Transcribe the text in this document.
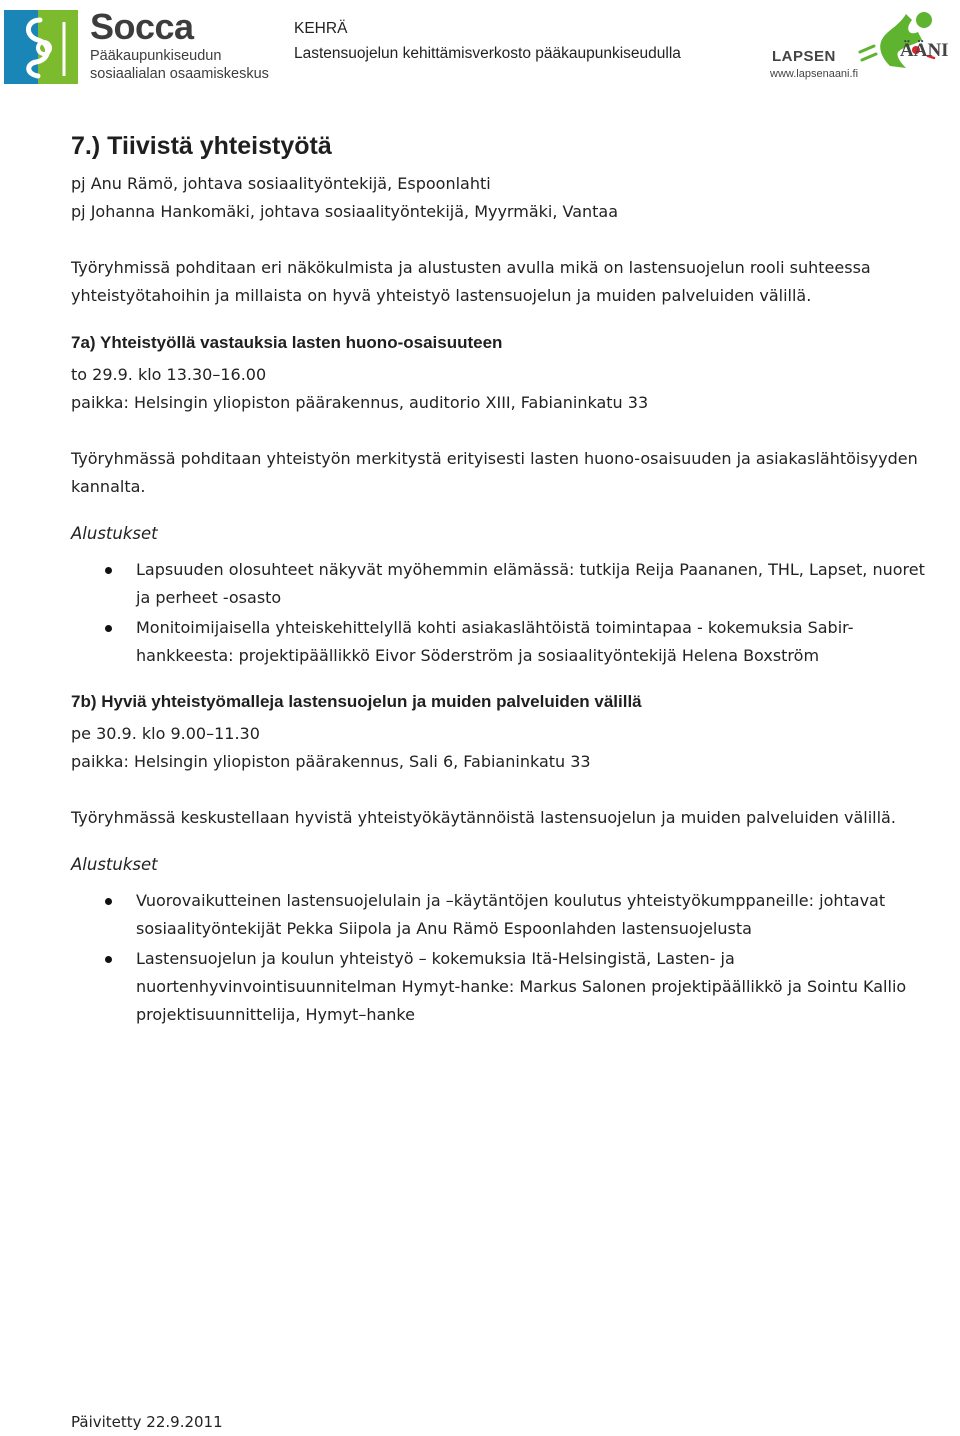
Socca
Pääkaupunkiseudun
sosiaalialan osaamiskeskus
KEHRÄ
Lastensuojelun kehittämisverkosto pääkaupunkiseudulla	LAPSEN	ÄÄNI
www.lapsenaani.fi
7.) Tiivistä yhteistyötä
pj Anu Rämö, johtava sosiaalityöntekijä, Espoonlahti
pj Johanna Hankomäki, johtava sosiaalityöntekijä, Myyrmäki, Vantaa
Työryhmissä pohditaan eri näkökulmista ja alustusten avulla mikä on lastensuojelun rooli suhteessa
yhteistyötahoihin ja millaista on hyvä yhteistyö lastensuojelun ja muiden palveluiden välillä.
7a) Yhteistyöllä vastauksia lasten huono-osaisuuteen
to 29.9. klo 13.30–16.00
paikka: Helsingin yliopiston päärakennus, auditorio XIII, Fabianinkatu 33
Työryhmässä pohditaan yhteistyön merkitystä erityisesti lasten huono-osaisuuden ja asiakaslähtöisyyden
kannalta.
Alustukset
Lapsuuden olosuhteet näkyvät myöhemmin elämässä: tutkija Reija Paananen, THL, Lapset, nuoret
ja perheet -osasto
Monitoimijaisella yhteiskehittelyllä kohti asiakaslähtöistä toimintapaa - kokemuksia Sabir-
hankkeesta: projektipäällikkö Eivor Söderström ja sosiaalityöntekijä Helena Boxström
7b) Hyviä yhteistyömalleja lastensuojelun ja muiden palveluiden välillä
pe 30.9. klo 9.00–11.30
paikka: Helsingin yliopiston päärakennus, Sali 6, Fabianinkatu 33
Työryhmässä keskustellaan hyvistä yhteistyökäytännöistä lastensuojelun ja muiden palveluiden välillä.
Alustukset
Vuorovaikutteinen lastensuojelulain ja –käytäntöjen koulutus yhteistyökumppaneille: johtavat
sosiaalityöntekijät Pekka Siipola ja Anu Rämö Espoonlahden lastensuojelusta
Lastensuojelun ja koulun yhteistyö – kokemuksia Itä-Helsingistä, Lasten- ja
nuortenhyvinvointisuunnitelman Hymyt-hanke: Markus Salonen projektipäällikkö ja Sointu Kallio
projektisuunnittelija, Hymyt–hanke
Päivitetty 22.9.2011
